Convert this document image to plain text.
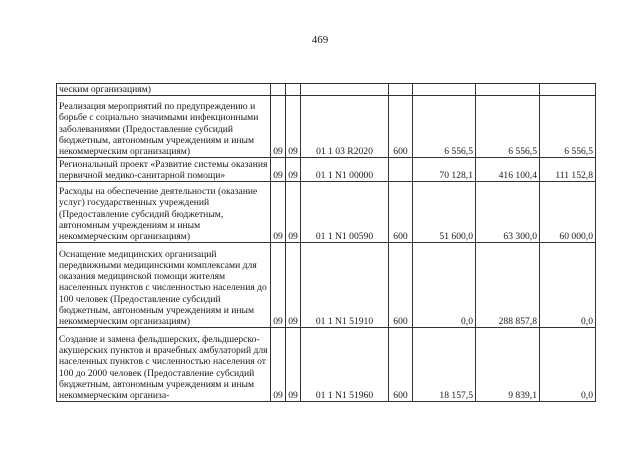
469
ческим организациям)							
Реализация мероприятий по предупреждению и борьбе с социально значимыми инфекционными заболеваниями (Предоставление субсидий бюджетным, автономным учреждениям и иным некоммерческим организациям)	09	09	01 1 03 R2020	600	6 556,5	6 556,5	6 556,5
Региональный проект «Развитие системы оказания первичной медико-санитарной помощи»	09	09	01 1 N1 00000		70 128,1	416 100,4	111 152,8
Расходы на обеспечение деятельности (оказание услуг) государственных учреждений (Предоставление субсидий бюджетным, автономным учреждениям и иным некоммерческим организациям)	09	09	01 1 N1 00590	600	51 600,0	63 300,0	60 000,0
Оснащение медицинских организаций передвижными медицинскими комплексами для оказания медицинской помощи жителям населенных пунктов с численностью населения до 100 человек (Предоставление субсидий бюджетным, автономным учреждениям и иным некоммерческим организациям)	09	09	01 1 N1 51910	600	0,0	288 857,8	0,0
Создание и замена фельдшерских, фельдшерско-акушерских пунктов и врачебных амбулаторий для населенных пунктов с численностью населения от 100 до 2000 человек (Предоставление субсидий бюджетным, автономным учреждениям и иным некоммерческим организа-	09	09	01 1 N1 51960	600	18 157,5	9 839,1	0,0
